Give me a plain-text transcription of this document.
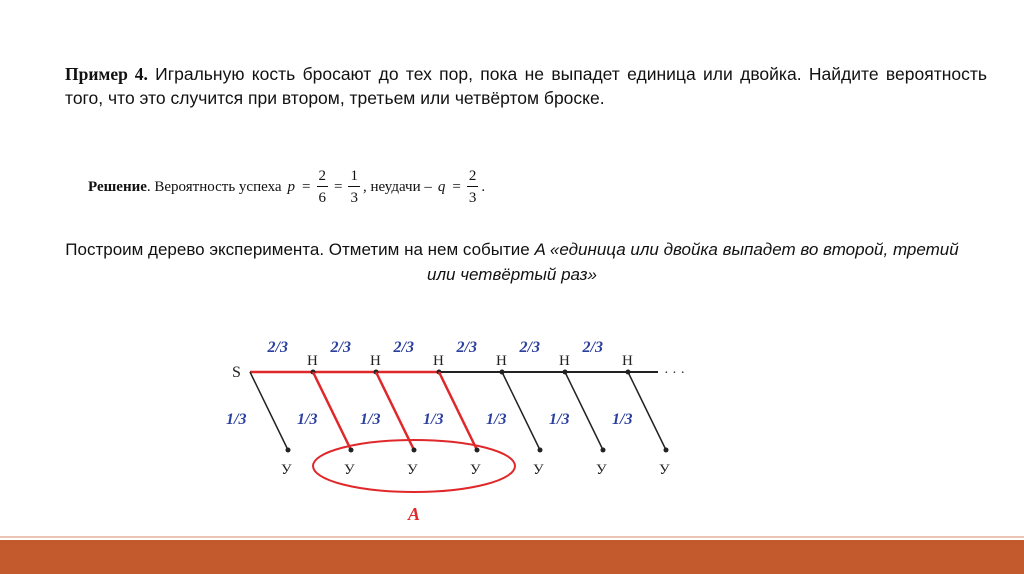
Пример 4. Игральную кость бросают до тех пор, пока не выпадет единица или двойка. Найдите вероятность того, что это случится при втором, третьем или четвёртом броске.
Решение . Вероятность успеха $p = \frac{2}{6} = \frac{1}{3}$ , неудачи – $q = \frac{2}{3}$ .
Построим дерево эксперимента. Отметим на нем событие A «единица или двойка выпадет во второй, третий или четвёртый раз»
· · ·
S
2/3
Н
2/3
Н
2/3
Н
2/3
Н
2/3
Н
2/3
Н
У
1/3
У
1/3
У
1/3
У
1/3
У
1/3
У
1/3
У
1/3
A
